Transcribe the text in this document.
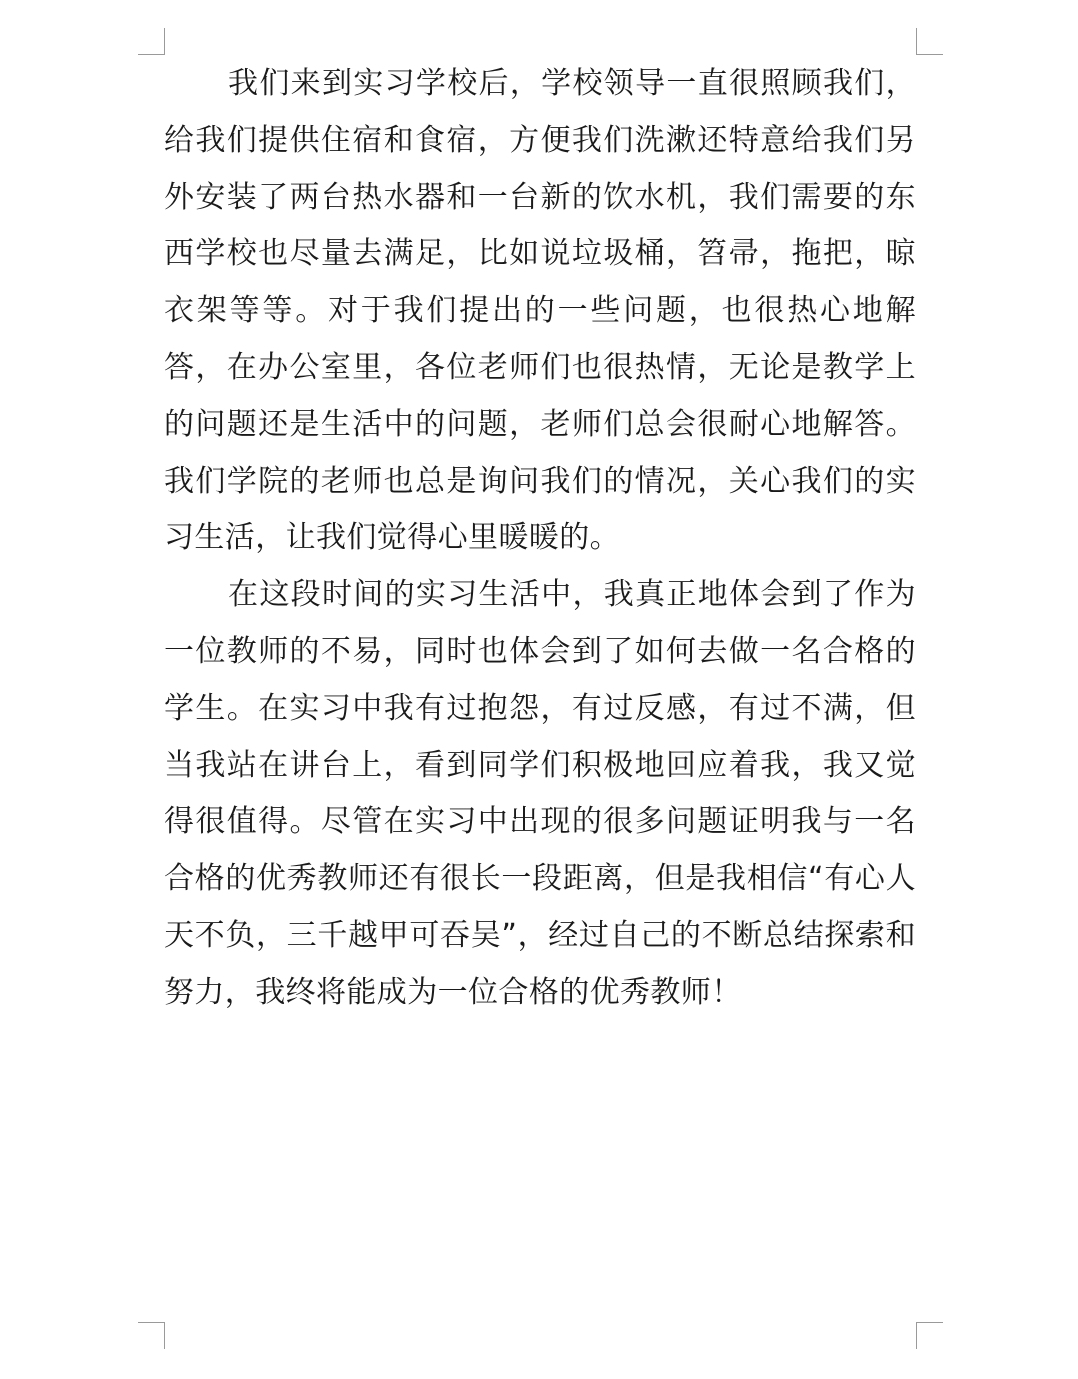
我们来到实习学校后，学校领导一直很照顾我们，给我们提供住宿和食宿，方便我们洗漱还特意给我们另外安装了两台热水器和一台新的饮水机，我们需要的东西学校也尽量去满足，比如说垃圾桶，笤帚，拖把，晾衣架等等。对于我们提出的一些问题，也很热心地解答，在办公室里，各位老师们也很热情，无论是教学上的问题还是生活中的问题，老师们总会很耐心地解答。我们学院的老师也总是询问我们的情况，关心我们的实习生活，让我们觉得心里暖暖的。

在这段时间的实习生活中，我真正地体会到了作为一位教师的不易，同时也体会到了如何去做一名合格的学生。在实习中我有过抱怨，有过反感，有过不满，但当我站在讲台上，看到同学们积极地回应着我，我又觉得很值得。尽管在实习中出现的很多问题证明我与一名合格的优秀教师还有很长一段距离，但是我相信“有心人天不负，三千越甲可吞吴”，经过自己的不断总结探索和努力，我终将能成为一位合格的优秀教师！
